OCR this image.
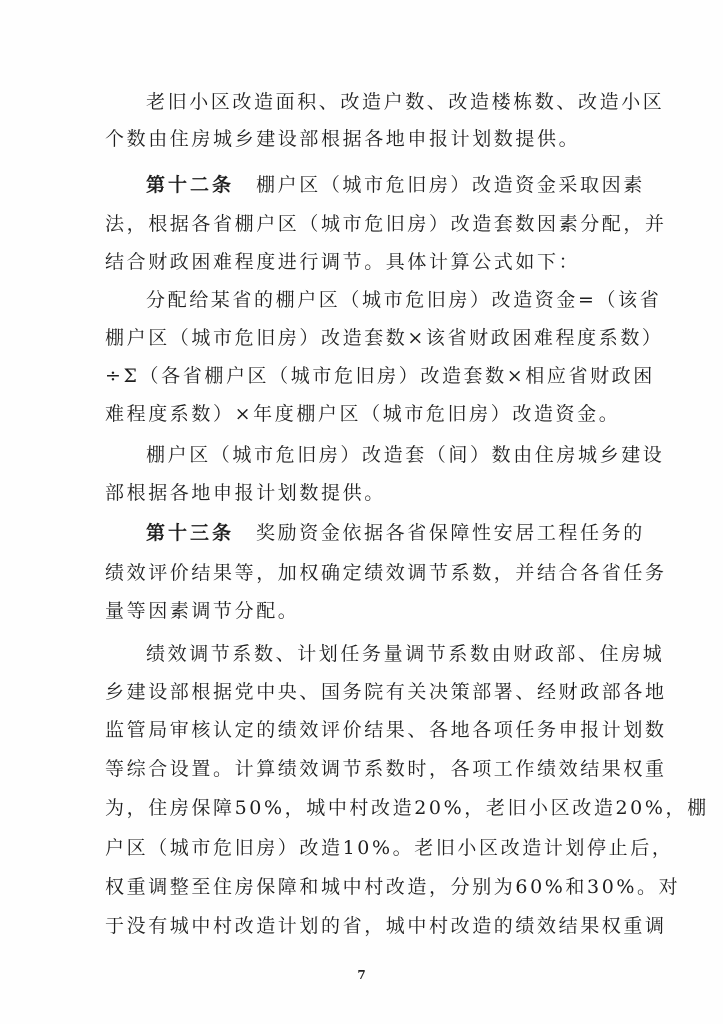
老旧小区改造面积、改造户数、改造楼栋数、改造小区
个数由住房城乡建设部根据各地申报计划数提供。
第十二条 棚户区（城市危旧房）改造资金采取因素
法，根据各省棚户区（城市危旧房）改造套数因素分配，并
结合财政困难程度进行调节。具体计算公式如下：
分配给某省的棚户区（城市危旧房）改造资金=（该省
棚户区（城市危旧房）改造套数×该省财政困难程度系数）
÷Σ（各省棚户区（城市危旧房）改造套数×相应省财政困
难程度系数）×年度棚户区（城市危旧房）改造资金。
棚户区（城市危旧房）改造套（间）数由住房城乡建设
部根据各地申报计划数提供。
第十三条 奖励资金依据各省保障性安居工程任务的
绩效评价结果等，加权确定绩效调节系数，并结合各省任务
量等因素调节分配。
绩效调节系数、计划任务量调节系数由财政部、住房城
乡建设部根据党中央、国务院有关决策部署、经财政部各地
监管局审核认定的绩效评价结果、各地各项任务申报计划数
等综合设置。计算绩效调节系数时，各项工作绩效结果权重
为，住房保障50%，城中村改造20%，老旧小区改造20%，棚
户区（城市危旧房）改造10%。老旧小区改造计划停止后，
权重调整至住房保障和城中村改造，分别为60%和30%。对
于没有城中村改造计划的省，城中村改造的绩效结果权重调
7
